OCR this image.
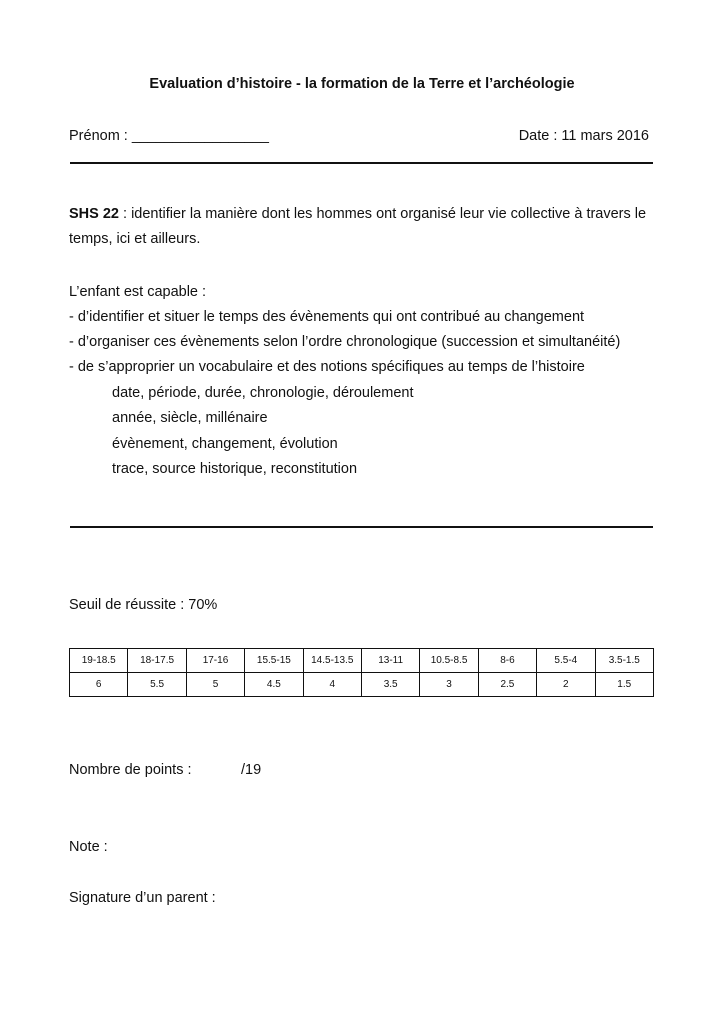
Evaluation d’histoire - la formation de la Terre et l’archéologie
Prénom : _________________	Date : 11 mars 2016
SHS 22 : identifier la manière dont les hommes ont organisé leur vie collective à travers le
temps, ici et ailleurs.
L’enfant est capable :
- d’identifier et situer le temps des évènements qui ont contribué au changement
- d’organiser ces évènements selon l’ordre chronologique (succession et simultanéité)
- de s’approprier un vocabulaire et des notions spécifiques au temps de l’histoire
date, période, durée, chronologie, déroulement
année, siècle, millénaire
évènement, changement, évolution
trace, source historique, reconstitution
Seuil de réussite : 70%
19-18.5	18-17.5	17-16	15.5-15	14.5-13.5	13-11	10.5-8.5	8-6	5.5-4	3.5-1.5
6	5.5	5	4.5	4	3.5	3	2.5	2	1.5
Nombre de points :	/19
Note :
Signature d’un parent :
